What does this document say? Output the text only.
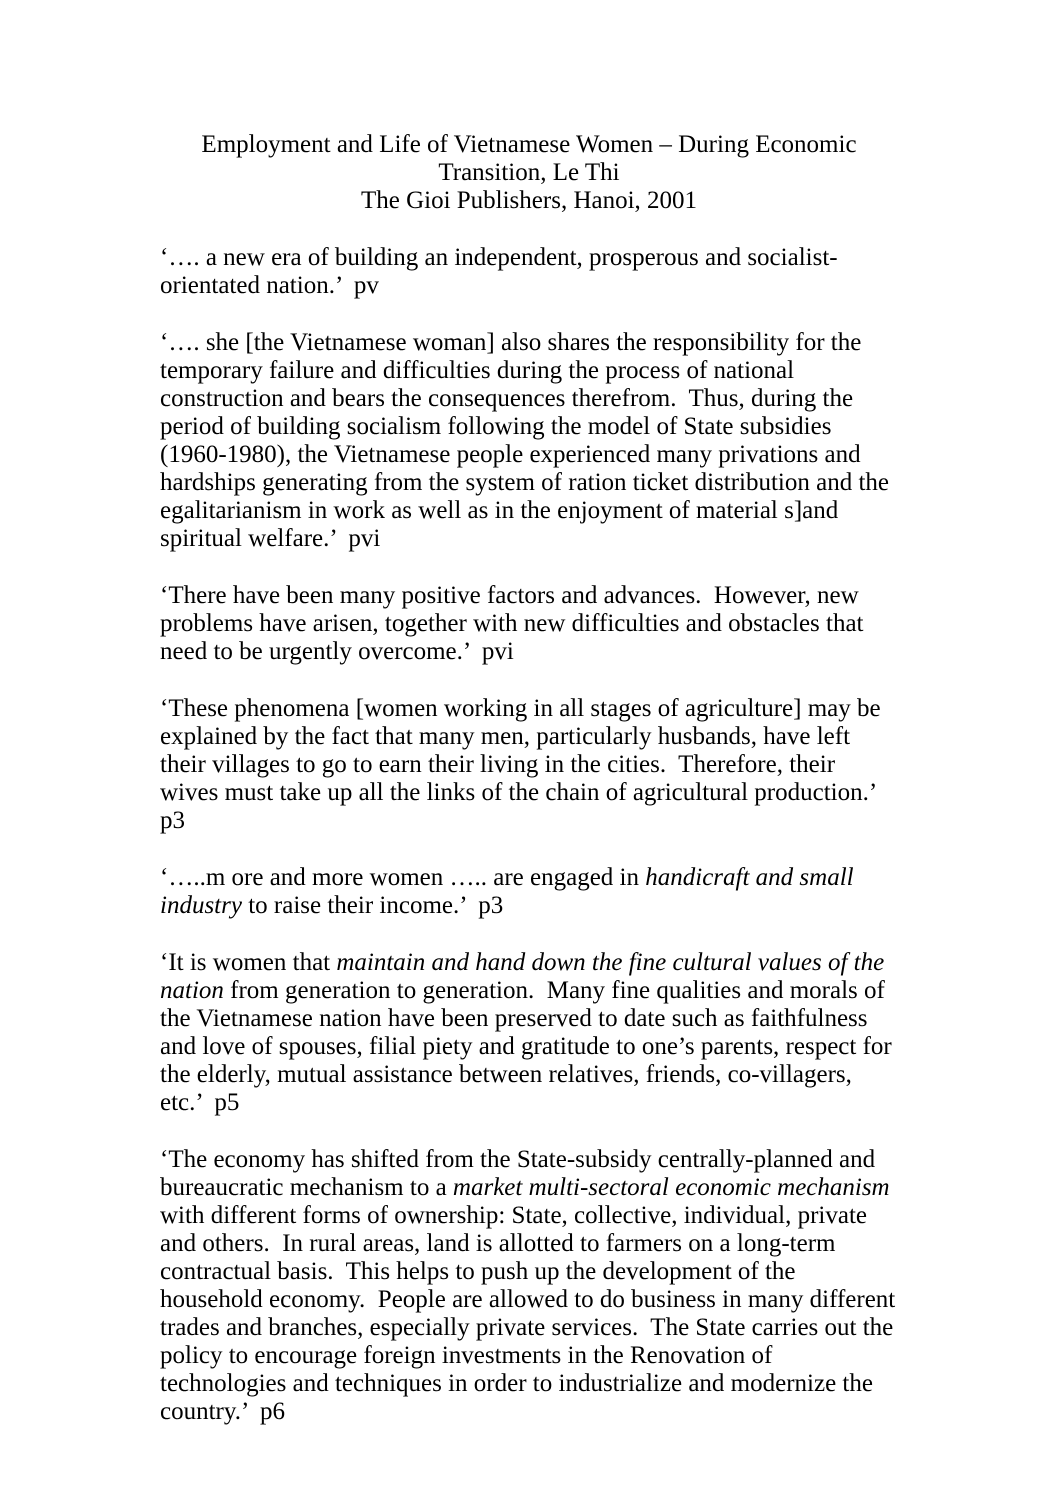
Employment and Life of Vietnamese Women – During Economic
Transition, Le Thi
The Gioi Publishers, Hanoi, 2001

‘…. a new era of building an independent, prosperous and socialist-orientated nation.’  pv

‘…. she [the Vietnamese woman] also shares the responsibility for the temporary failure and difficulties during the process of national construction and bears the consequences therefrom.  Thus, during the period of building socialism following the model of State subsidies (1960-1980), the Vietnamese people experienced many privations and hardships generating from the system of ration ticket distribution and the egalitarianism in work as well as in the enjoyment of material s]and spiritual welfare.’  pvi

‘There have been many positive factors and advances.  However, new problems have arisen, together with new difficulties and obstacles that need to be urgently overcome.’  pvi

‘These phenomena [women working in all stages of agriculture] may be explained by the fact that many men, particularly husbands, have left their villages to go to earn their living in the cities.  Therefore, their wives must take up all the links of the chain of agricultural production.’  p3

‘…..m ore and more women ….. are engaged in handicraft and small industry to raise their income.’  p3

‘It is women that maintain and hand down the fine cultural values of the nation from generation to generation.  Many fine qualities and morals of the Vietnamese nation have been preserved to date such as faithfulness and love of spouses, filial piety and gratitude to one’s parents, respect for the elderly, mutual assistance between relatives, friends, co-villagers, etc.’  p5

‘The economy has shifted from the State-subsidy centrally-planned and bureaucratic mechanism to a market multi-sectoral economic mechanism with different forms of ownership: State, collective, individual, private and others.  In rural areas, land is allotted to farmers on a long-term contractual basis.  This helps to push up the development of the household economy.  People are allowed to do business in many different trades and branches, especially private services.  The State carries out the policy to encourage foreign investments in the Renovation of technologies and techniques in order to industrialize and modernize the country.’  p6
